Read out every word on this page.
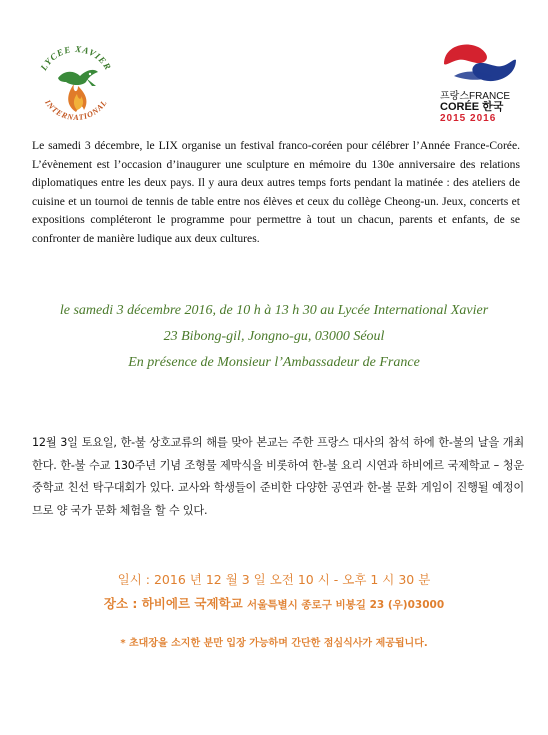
LYCEE XAVIER
INTERNATIONAL
프랑스FRANCE
CORÉE 한국
2015 2016
Le samedi 3 décembre, le LIX organise un festival franco-coréen pour célébrer l’Année France-Corée. L’évènement est l’occasion d’inaugurer une sculpture en mémoire du 130e anniversaire des relations diplomatiques entre les deux pays. Il y aura deux autres temps forts pendant la matinée : des ateliers de cuisine et un tournoi de tennis de table entre nos élèves et ceux du collège Cheong-un. Jeux, concerts et expositions compléteront le programme pour permettre à tout un chacun, parents et enfants, de se confronter de manière ludique aux deux cultures.
le samedi 3 décembre 2016, de 10 h à 13 h 30 au Lycée International Xavier
23 Bibong-gil, Jongno-gu, 03000 Séoul
En présence de Monsieur l’Ambassadeur de France
12월 3일 토요일, 한-불 상호교류의 해를 맞아 본교는 주한 프랑스 대사의 참석 하에 한-불의 날을 개최한다. 한-불 수교 130주년 기념 조형물 제막식을 비롯하여 한-불 요리 시연과 하비에르 국제학교 – 청운중학교 친선 탁구대회가 있다. 교사와 학생들이 준비한 다양한 공연과 한-불 문화 게임이 진행될 예정이므로 양 국가 문화 체험을 할 수 있다.
일시 : 2016 년 12 월 3 일 오전 10 시 - 오후 1 시 30 분
장소 : 하비에르 국제학교 서울특별시 종로구 비봉길 23 (우)03000
* 초대장을 소지한 분만 입장 가능하며 간단한 점심식사가 제공됩니다.
